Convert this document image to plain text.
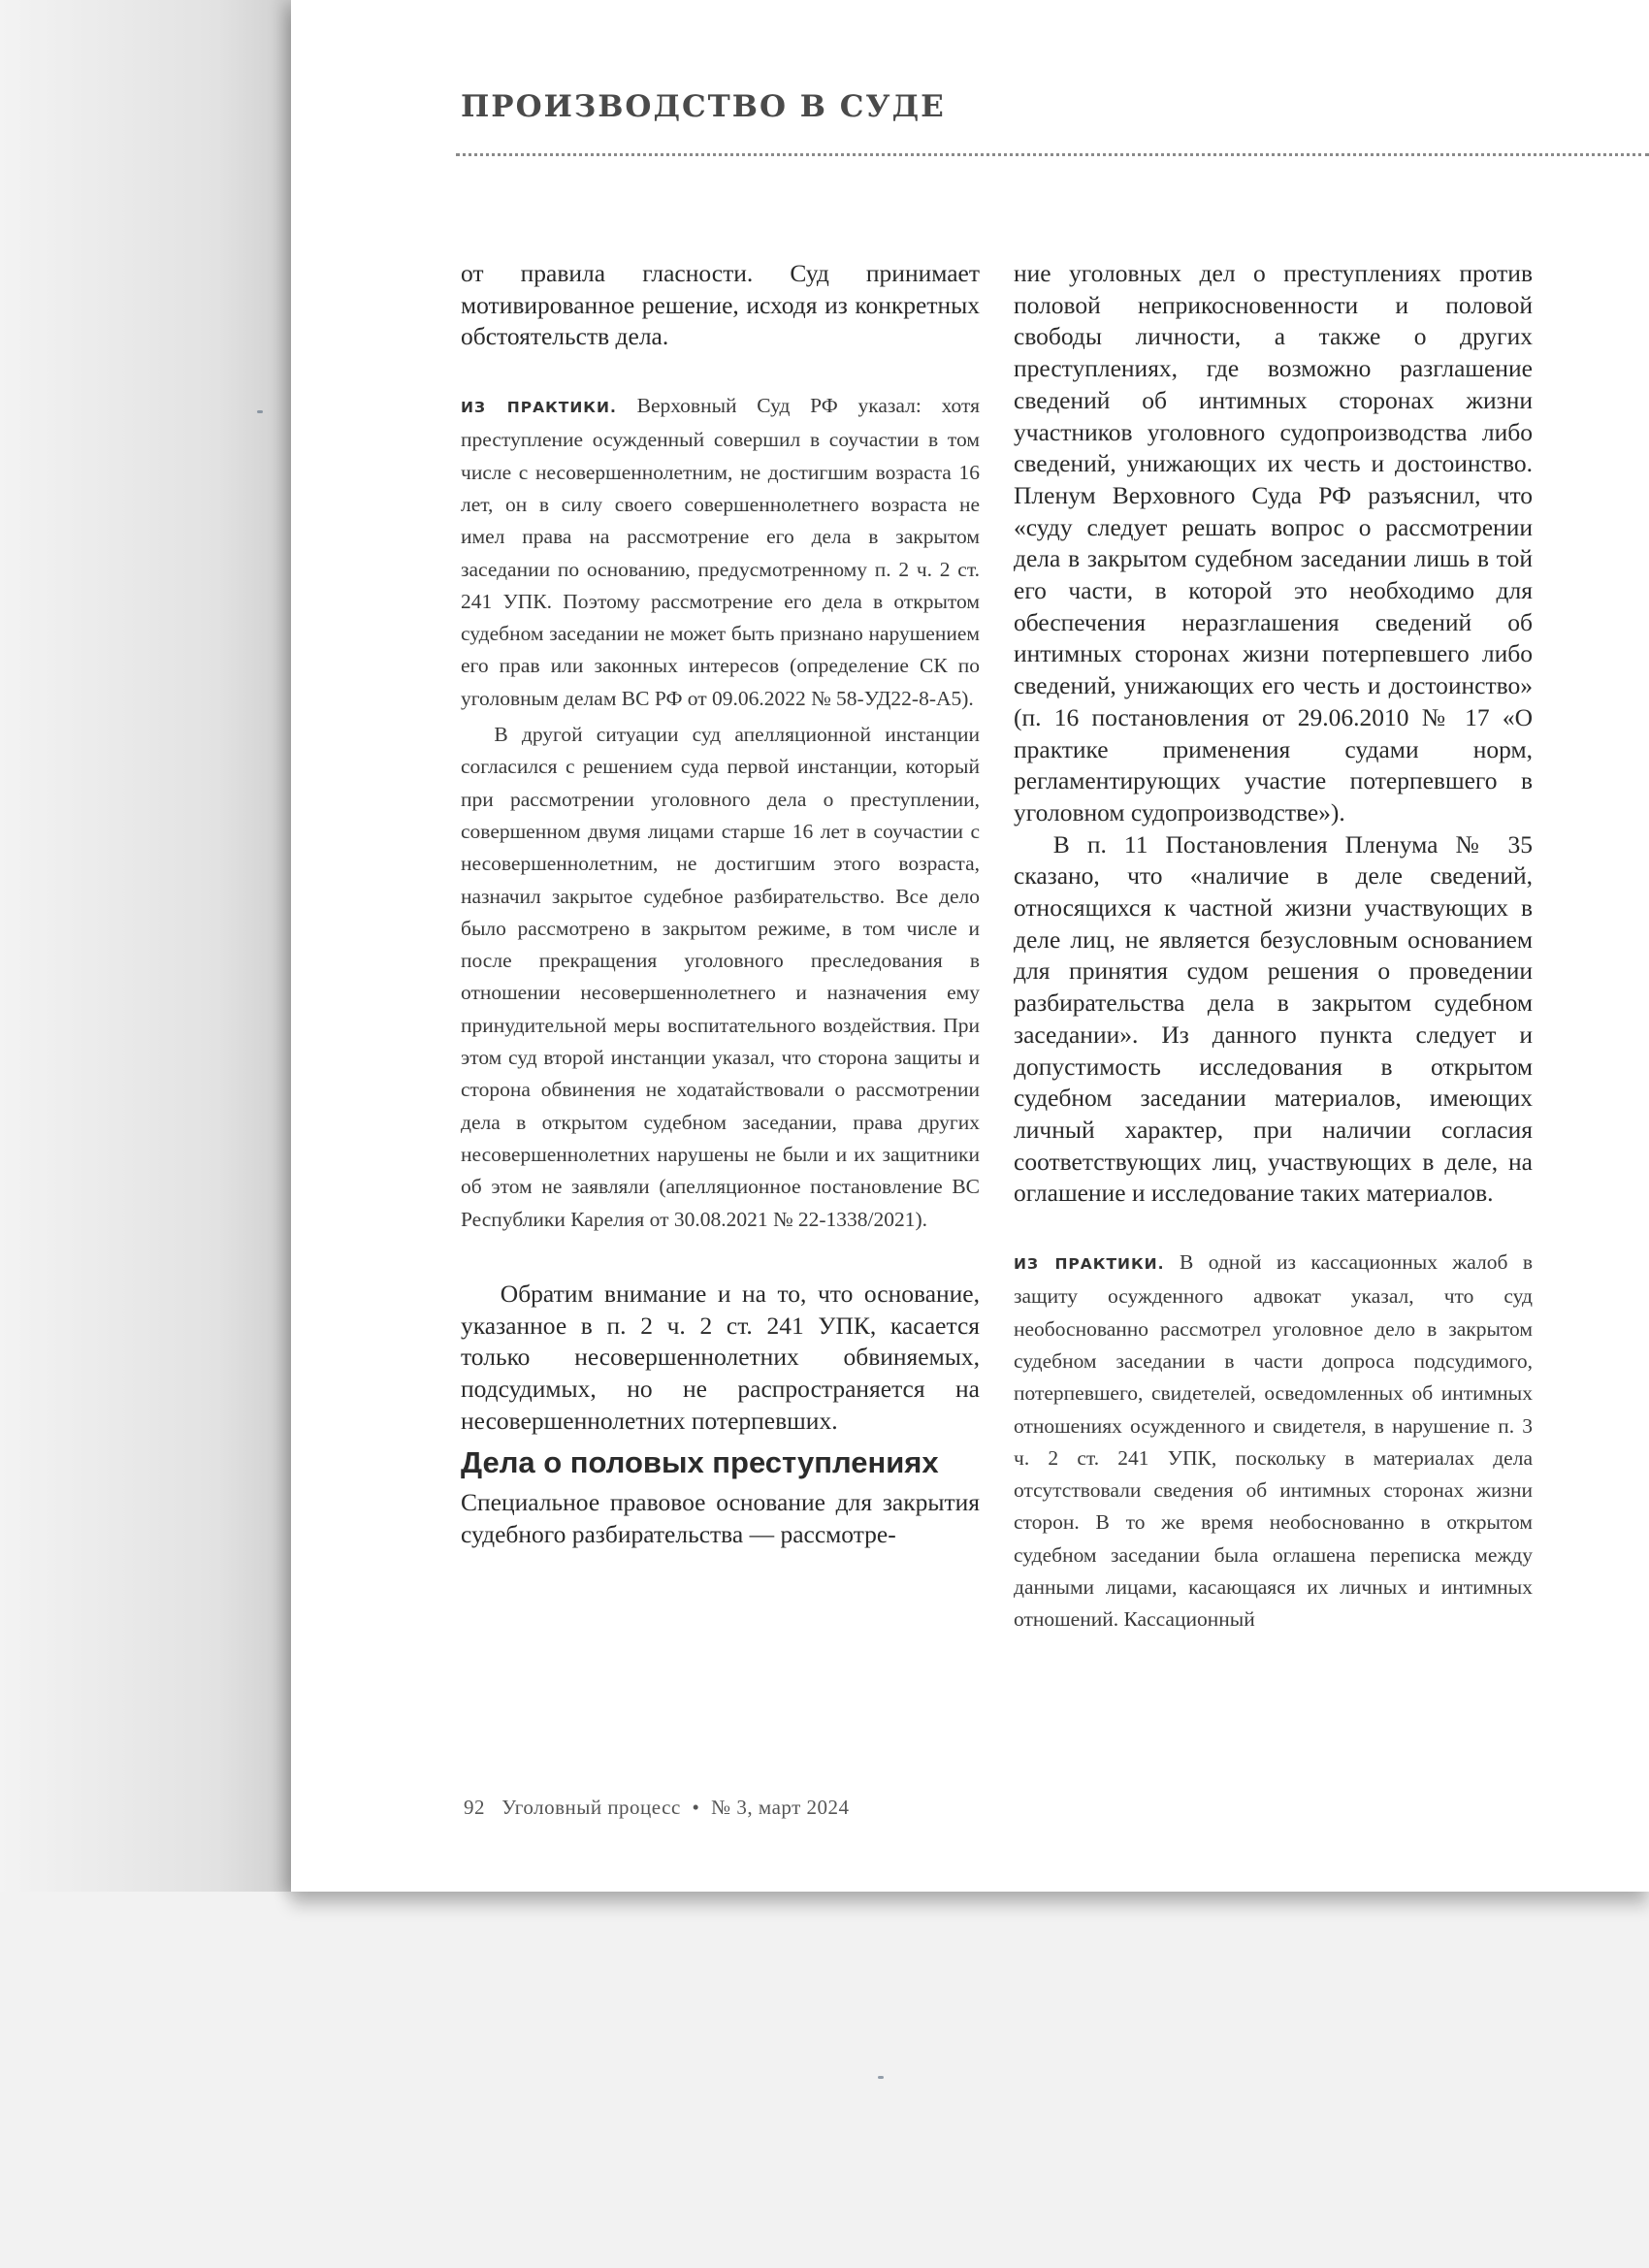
ПРОИЗВОДСТВО В СУДЕ

от правила гласности. Суд принимает мотивированное решение, исходя из конкретных обстоятельств дела.

ИЗ ПРАКТИКИ. Верховный Суд РФ указал: хотя преступление осужденный совершил в соучастии в том числе с несовершеннолетним, не достигшим возраста 16 лет, он в силу своего совершеннолетнего возраста не имел права на рассмотрение его дела в закрытом заседании по основанию, предусмотренному п. 2 ч. 2 ст. 241 УПК. Поэтому рассмотрение его дела в открытом судебном заседании не может быть признано нарушением его прав или законных интересов (определение СК по уголовным делам ВС РФ от 09.06.2022 № 58-УД22-8-А5).

В другой ситуации суд апелляционной инстанции согласился с решением суда первой инстанции, который при рассмотрении уголовного дела о преступлении, совершенном двумя лицами старше 16 лет в соучастии с несовершеннолетним, не достигшим этого возраста, назначил закрытое судебное разбирательство. Все дело было рассмотрено в закрытом режиме, в том числе и после прекращения уголовного преследования в отношении несовершеннолетнего и назначения ему принудительной меры воспитательного воздействия. При этом суд второй инстанции указал, что сторона защиты и сторона обвинения не ходатайствовали о рассмотрении дела в открытом судебном заседании, права других несовершеннолетних нарушены не были и их защитники об этом не заявляли (апелляционное постановление ВС Республики Карелия от 30.08.2021 № 22-1338/2021).

Обратим внимание и на то, что основание, указанное в п. 2 ч. 2 ст. 241 УПК, касается только несовершеннолетних обвиняемых, подсудимых, но не распространяется на несовершеннолетних потерпевших.

Дела о половых преступлениях

Специальное правовое основание для закрытия судебного разбирательства — рассмотре-

ние уголовных дел о преступлениях против половой неприкосновенности и половой свободы личности, а также о других преступлениях, где возможно разглашение сведений об интимных сторонах жизни участников уголовного судопроизводства либо сведений, унижающих их честь и достоинство. Пленум Верховного Суда РФ разъяснил, что «суду следует решать вопрос о рассмотрении дела в закрытом судебном заседании лишь в той его части, в которой это необходимо для обеспечения неразглашения сведений об интимных сторонах жизни потерпевшего либо сведений, унижающих его честь и достоинство» (п. 16 постановления от 29.06.2010 № 17 «О практике применения судами норм, регламентирующих участие потерпевшего в уголовном судопроизводстве»).

В п. 11 Постановления Пленума № 35 сказано, что «наличие в деле сведений, относящихся к частной жизни участвующих в деле лиц, не является безусловным основанием для принятия судом решения о проведении разбирательства дела в закрытом судебном заседании». Из данного пункта следует и допустимость исследования в открытом судебном заседании материалов, имеющих личный характер, при наличии согласия соответствующих лиц, участвующих в деле, на оглашение и исследование таких материалов.

ИЗ ПРАКТИКИ. В одной из кассационных жалоб в защиту осужденного адвокат указал, что суд необоснованно рассмотрел уголовное дело в закрытом судебном заседании в части допроса подсудимого, потерпевшего, свидетелей, осведомленных об интимных отношениях осужденного и свидетеля, в нарушение п. 3 ч. 2 ст. 241 УПК, поскольку в материалах дела отсутствовали сведения об интимных сторонах жизни сторон. В то же время необоснованно в открытом судебном заседании была оглашена переписка между данными лицами, касающаяся их личных и интимных отношений. Кассационный

92 Уголовный процесс • № 3, март 2024
